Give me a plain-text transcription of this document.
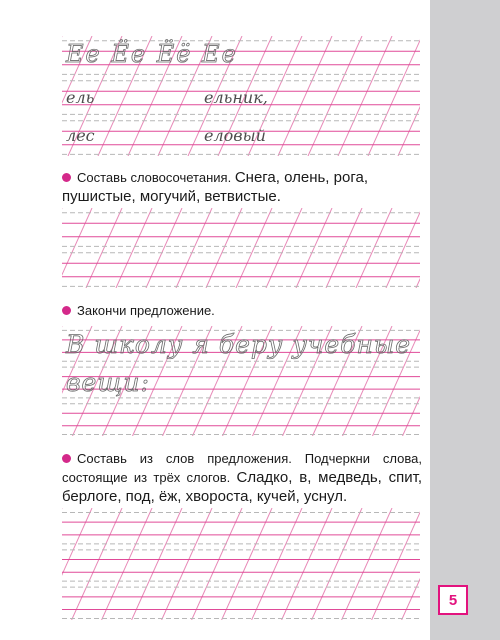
5
Ее Ёе Ёё Ее
ель	ельник,
лес	еловый
Составь словосочетания. Снега, олень, рога, пушистые, могучий, ветвистые.
Закончи предложение.
В школу я беру учебные
вещи:
Составь из слов предложения. Подчеркни слова, состоящие из трёх слогов. Сладко, в, медведь, спит, берлоге, под, ёж, хвороста, кучей, уснул.
